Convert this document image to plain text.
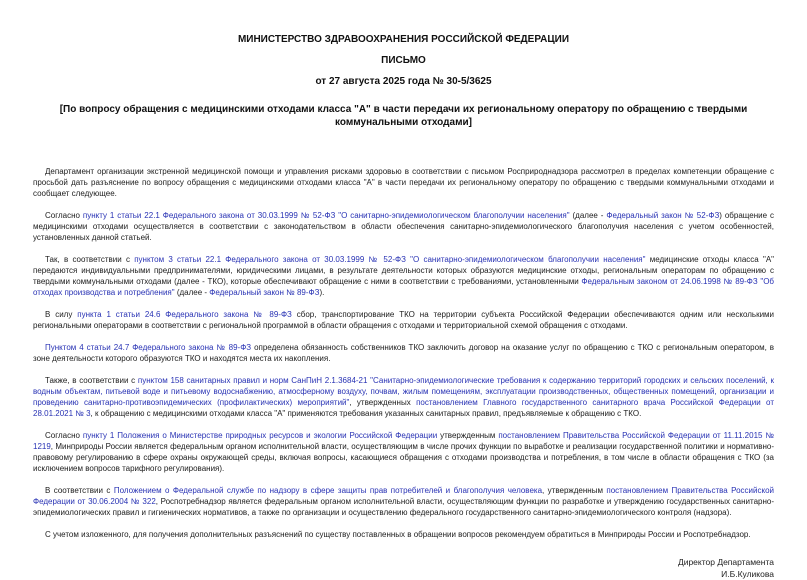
МИНИСТЕРСТВО ЗДРАВООХРАНЕНИЯ РОССИЙСКОЙ ФЕДЕРАЦИИ
ПИСЬМО
от 27 августа 2025 года № 30-5/3625
[По вопросу обращения с медицинскими отходами класса "А" в части передачи их региональному оператору по обращению с твердыми коммунальными отходами]

Департамент организации экстренной медицинской помощи и управления рисками здоровью в соответствии с письмом Росприроднадзора рассмотрел в пределах компетенции обращение с просьбой дать разъяснение по вопросу обращения с медицинскими отходами класса "А" в части передачи их региональному оператору по обращению с твердыми коммунальными отходами и сообщает следующее.

Согласно пункту 1 статьи 22.1 Федерального закона от 30.03.1999 № 52-ФЗ "О санитарно-эпидемиологическом благополучии населения" (далее - Федеральный закон № 52-ФЗ) обращение с медицинскими отходами осуществляется в соответствии с законодательством в области обеспечения санитарно-эпидемиологического благополучия населения с учетом особенностей, установленных данной статьей.

Так, в соответствии с пунктом 3 статьи 22.1 Федерального закона от 30.03.1999 № 52-ФЗ "О санитарно-эпидемиологическом благополучии населения" медицинские отходы класса "А" передаются индивидуальными предпринимателями, юридическими лицами, в результате деятельности которых образуются медицинские отходы, региональным операторам по обращению с твердыми коммунальными отходами (далее - ТКО), которые обеспечивают обращение с ними в соответствии с требованиями, установленными Федеральным законом от 24.06.1998 № 89-ФЗ "Об отходах производства и потребления" (далее - Федеральный закон № 89-ФЗ).

В силу пункта 1 статьи 24.6 Федерального закона № 89-ФЗ сбор, транспортирование ТКО на территории субъекта Российской Федерации обеспечиваются одним или несколькими региональными операторами в соответствии с региональной программой в области обращения с отходами и территориальной схемой обращения с отходами.

Пунктом 4 статьи 24.7 Федерального закона № 89-ФЗ определена обязанность собственников ТКО заключить договор на оказание услуг по обращению с ТКО с региональным оператором, в зоне деятельности которого образуются ТКО и находятся места их накопления.

Также, в соответствии с пунктом 158 санитарных правил и норм СанПиН 2.1.3684-21 "Санитарно-эпидемиологические требования к содержанию территорий городских и сельских поселений, к водным объектам, питьевой воде и питьевому водоснабжению, атмосферному воздуху, почвам, жилым помещениям, эксплуатации производственных, общественных помещений, организации и проведению санитарно-противоэпидемических (профилактических) мероприятий", утвержденных постановлением Главного государственного санитарного врача Российской Федерации от 28.01.2021 № 3, к обращению с медицинскими отходами класса "А" применяются требования указанных санитарных правил, предъявляемые к обращению с ТКО.

Согласно пункту 1 Положения о Министерстве природных ресурсов и экологии Российской Федерации утвержденным постановлением Правительства Российской Федерации от 11.11.2015 № 1219, Минприроды России является федеральным органом исполнительной власти, осуществляющим в числе прочих функции по выработке и реализации государственной политики и нормативно-правовому регулированию в сфере охраны окружающей среды, включая вопросы, касающиеся обращения с отходами производства и потребления, в том числе в области обращения с ТКО (за исключением вопросов тарифного регулирования).

В соответствии с Положением о Федеральной службе по надзору в сфере защиты прав потребителей и благополучия человека, утвержденным постановлением Правительства Российской Федерации от 30.06.2004 № 322, Роспотребнадзор является федеральным органом исполнительной власти, осуществляющим функции по разработке и утверждению государственных санитарно-эпидемиологических правил и гигиенических нормативов, а также по организации и осуществлению федерального государственного санитарно-эпидемиологического контроля (надзора).

С учетом изложенного, для получения дополнительных разъяснений по существу поставленных в обращении вопросов рекомендуем обратиться в Минприроды России и Роспотребнадзор.

Директор Департамента
И.Б.Куликова
